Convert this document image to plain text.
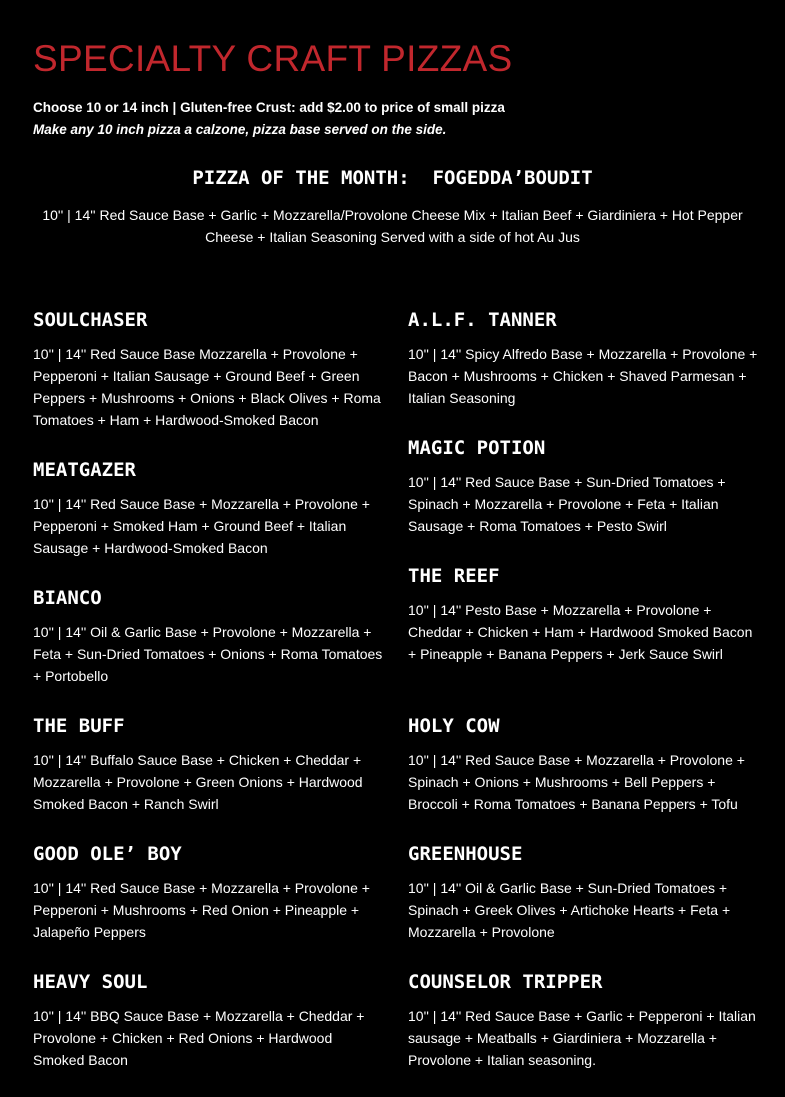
SPECIALTY CRAFT PIZZAS

Choose 10 or 14 inch | Gluten-free Crust: add $2.00 to price of small pizza

Make any 10 inch pizza a calzone, pizza base served on the side.

PIZZA OF THE MONTH:  FOGEDDA’BOUDIT

10'' | 14'' Red Sauce Base + Garlic + Mozzarella/Provolone Cheese Mix + Italian Beef + Giardiniera + Hot Pepper Cheese + Italian Seasoning Served with a side of hot Au Jus

SOULCHASER

10'' | 14'' Red Sauce Base Mozzarella + Provolone + Pepperoni + Italian Sausage + Ground Beef + Green Peppers + Mushrooms + Onions + Black Olives + Roma Tomatoes + Ham + Hardwood-Smoked Bacon

MEATGAZER

10'' | 14'' Red Sauce Base + Mozzarella + Provolone + Pepperoni + Smoked Ham + Ground Beef + Italian Sausage + Hardwood-Smoked Bacon

BIANCO

10'' | 14'' Oil & Garlic Base + Provolone + Mozzarella + Feta + Sun-Dried Tomatoes + Onions + Roma Tomatoes + Portobello

THE BUFF

10'' | 14'' Buffalo Sauce Base + Chicken + Cheddar + Mozzarella + Provolone + Green Onions + Hardwood Smoked Bacon + Ranch Swirl

GOOD OLE’ BOY

10'' | 14'' Red Sauce Base + Mozzarella + Provolone + Pepperoni + Mushrooms + Red Onion + Pineapple + Jalapeño Peppers

HEAVY SOUL

10'' | 14'' BBQ Sauce Base + Mozzarella + Cheddar + Provolone + Chicken + Red Onions + Hardwood Smoked Bacon

A.L.F. TANNER

10'' | 14'' Spicy Alfredo Base + Mozzarella + Provolone + Bacon + Mushrooms + Chicken + Shaved Parmesan + Italian Seasoning

MAGIC POTION

10'' | 14'' Red Sauce Base + Sun-Dried Tomatoes + Spinach + Mozzarella + Provolone + Feta + Italian Sausage + Roma Tomatoes + Pesto Swirl

THE REEF

10'' | 14'' Pesto Base + Mozzarella + Provolone + Cheddar + Chicken + Ham + Hardwood Smoked Bacon + Pineapple + Banana Peppers + Jerk Sauce Swirl

HOLY COW

10'' | 14'' Red Sauce Base + Mozzarella + Provolone + Spinach + Onions + Mushrooms + Bell Peppers + Broccoli + Roma Tomatoes + Banana Peppers + Tofu

GREENHOUSE

10'' | 14'' Oil & Garlic Base + Sun-Dried Tomatoes + Spinach + Greek Olives + Artichoke Hearts + Feta + Mozzarella + Provolone

COUNSELOR TRIPPER

10'' | 14'' Red Sauce Base + Garlic + Pepperoni + Italian sausage + Meatballs + Giardiniera + Mozzarella + Provolone + Italian seasoning.
